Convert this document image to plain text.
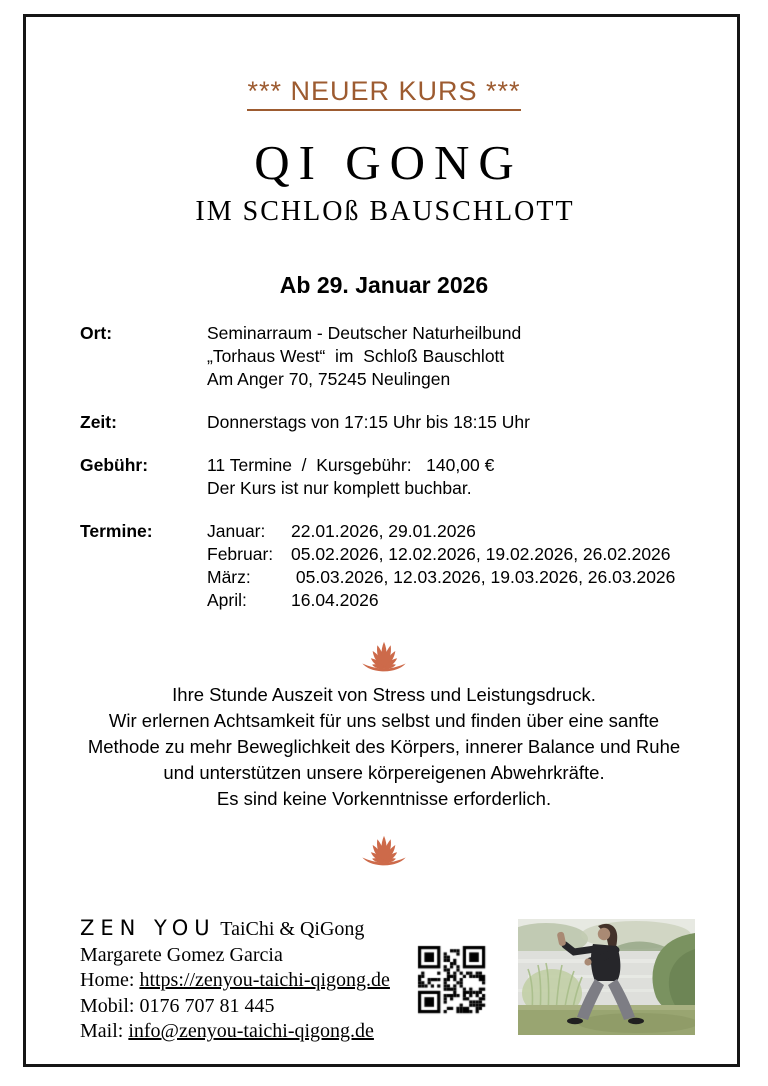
*** NEUER KURS ***
QI GONG
IM SCHLOß BAUSCHLOTT
Ab 29. Januar 2026
Ort:	Seminarraum - Deutscher Naturheilbund
„Torhaus West“  im  Schloß Bauschlott
Am Anger 70, 75245 Neulingen
Zeit:	Donnerstags von 17:15 Uhr bis 18:15 Uhr
Gebühr:	11 Termine  /  Kursgebühr:   140,00 €
Der Kurs ist nur komplett buchbar.
Termine:	Januar:	22.01.2026, 29.01.2026
Februar:	05.02.2026, 12.02.2026, 19.02.2026, 26.02.2026
März:	05.03.2026, 12.03.2026, 19.03.2026, 26.03.2026
April:	16.04.2026
Ihre Stunde Auszeit von Stress und Leistungsdruck.
Wir erlernen Achtsamkeit für uns selbst und finden über eine sanfte
Methode zu mehr Beweglichkeit des Körpers, innerer Balance und Ruhe
und unterstützen unsere körpereigenen Abwehrkräfte.
Es sind keine Vorkenntnisse erforderlich.
ZEN YOU TaiChi & QiGong
Margarete Gomez Garcia
Home: https://zenyou-taichi-qigong.de
Mobil: 0176 707 81 445
Mail: info@zenyou-taichi-qigong.de
